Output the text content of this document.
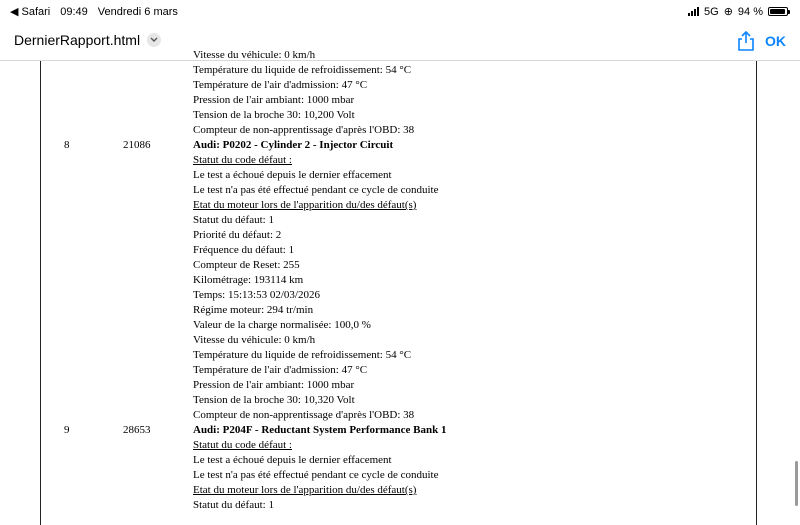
◀ Safari 09:49 Vendredi 6 mars	5G ⊕ 94 %
DernierRapport.html	OK
Vitesse du véhicule: 0 km/h
Température du liquide de refroidissement: 54 °C
Température de l'air d'admission: 47 °C
Pression de l'air ambiant: 1000 mbar
Tension de la broche 30: 10,200 Volt
Compteur de non-apprentissage d'après l'OBD: 38
8	21086	Audi: P0202 - Cylinder 2 - Injector Circuit
Statut du code défaut :
Le test a échoué depuis le dernier effacement
Le test n'a pas été effectué pendant ce cycle de conduite
Etat du moteur lors de l'apparition du/des défaut(s)
Statut du défaut: 1
Priorité du défaut: 2
Fréquence du défaut: 1
Compteur de Reset: 255
Kilométrage: 193114 km
Temps: 15:13:53 02/03/2026
Régime moteur: 294 tr/min
Valeur de la charge normalisée: 100,0 %
Vitesse du véhicule: 0 km/h
Température du liquide de refroidissement: 54 °C
Température de l'air d'admission: 47 °C
Pression de l'air ambiant: 1000 mbar
Tension de la broche 30: 10,320 Volt
Compteur de non-apprentissage d'après l'OBD: 38
9	28653	Audi: P204F - Reductant System Performance Bank 1
Statut du code défaut :
Le test a échoué depuis le dernier effacement
Le test n'a pas été effectué pendant ce cycle de conduite
Etat du moteur lors de l'apparition du/des défaut(s)
Statut du défaut: 1
